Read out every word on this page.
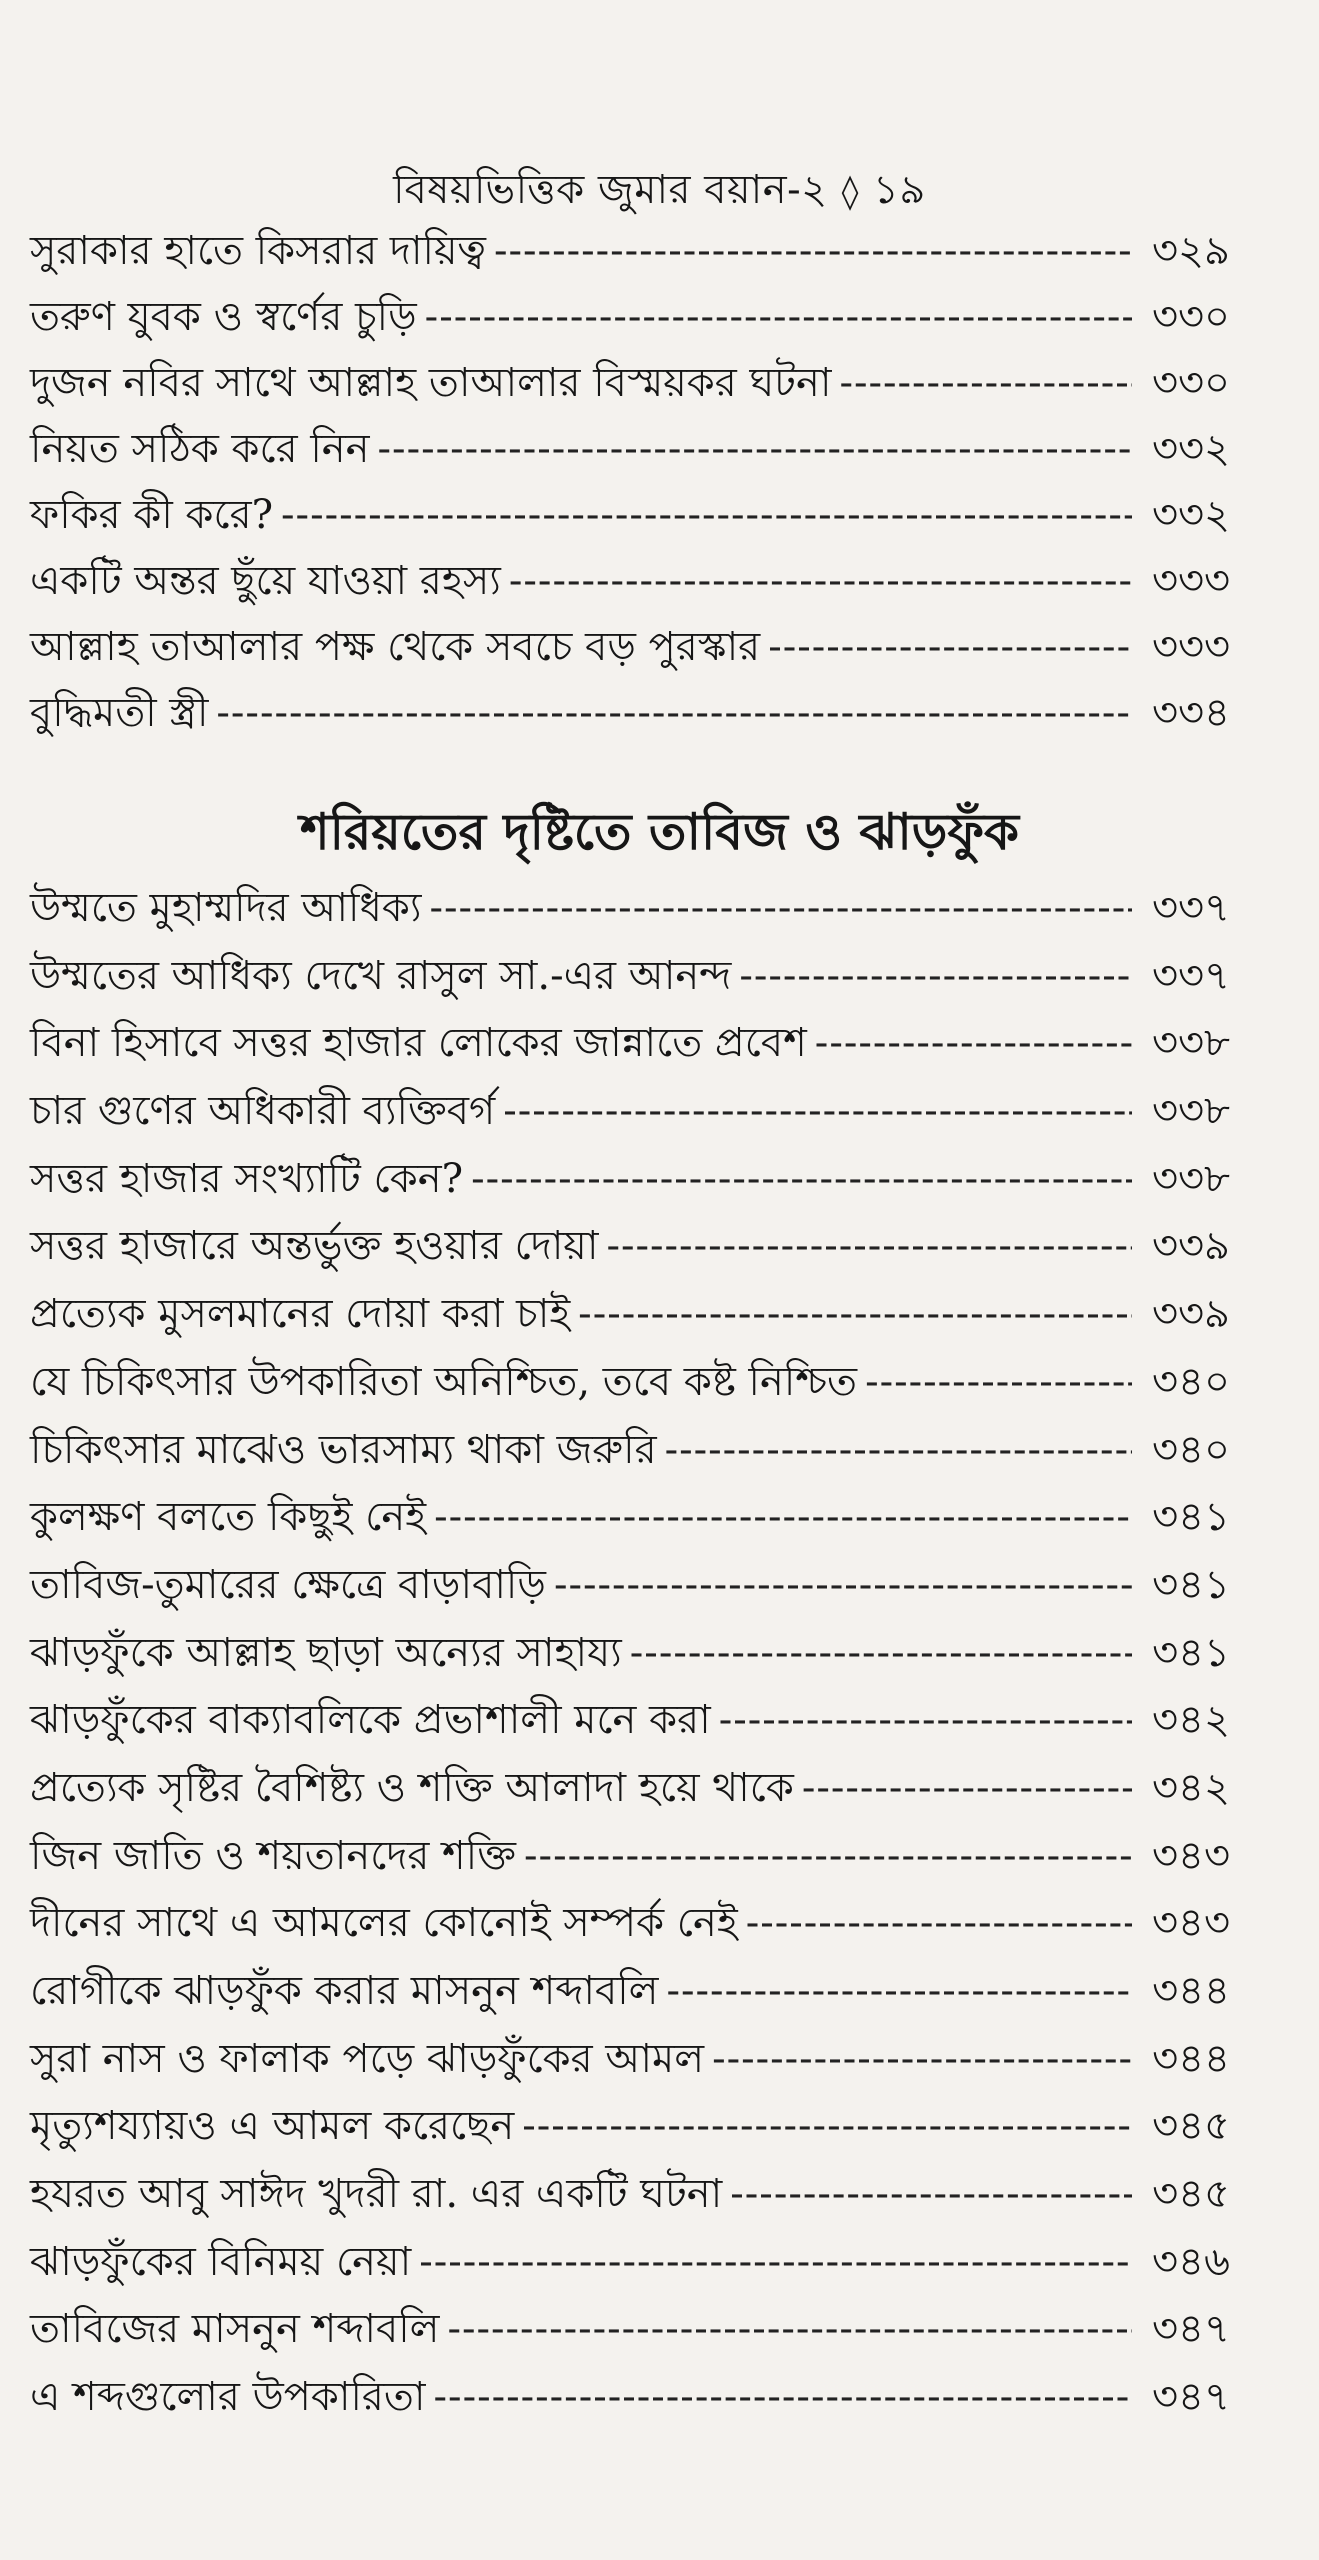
বিষয়ভিত্তিক জুমার বয়ান-২ ◊ ১৯
সুরাকার হাতে কিসরার দায়িত্ব -----	৩২৯
তরুণ যুবক ও স্বর্ণের চুড়ি -----	৩৩০
দুজন নবির সাথে আল্লাহ তাআলার বিস্ময়কর ঘটনা -----	৩৩০
নিয়ত সঠিক করে নিন -----	৩৩২
ফকির কী করে? -----	৩৩২
একটি অন্তর ছুঁয়ে যাওয়া রহস্য -----	৩৩৩
আল্লাহ তাআলার পক্ষ থেকে সবচে বড় পুরস্কার -----	৩৩৩
বুদ্ধিমতী স্ত্রী -----	৩৩৪
শরিয়তের দৃষ্টিতে তাবিজ ও ঝাড়ফুঁক
উম্মতে মুহাম্মদির আধিক্য -----	৩৩৭
উম্মতের আধিক্য দেখে রাসুল সা.-এর আনন্দ -----	৩৩৭
বিনা হিসাবে সত্তর হাজার লোকের জান্নাতে প্রবেশ -----	৩৩৮
চার গুণের অধিকারী ব্যক্তিবর্গ -----	৩৩৮
সত্তর হাজার সংখ্যাটি কেন? -----	৩৩৮
সত্তর হাজারে অন্তর্ভুক্ত হওয়ার দোয়া -----	৩৩৯
প্রত্যেক মুসলমানের দোয়া করা চাই -----	৩৩৯
যে চিকিৎসার উপকারিতা অনিশ্চিত, তবে কষ্ট নিশ্চিত -----	৩৪০
চিকিৎসার মাঝেও ভারসাম্য থাকা জরুরি -----	৩৪০
কুলক্ষণ বলতে কিছুই নেই -----	৩৪১
তাবিজ-তুমারের ক্ষেত্রে বাড়াবাড়ি -----	৩৪১
ঝাড়ফুঁকে আল্লাহ ছাড়া অন্যের সাহায্য -----	৩৪১
ঝাড়ফুঁকের বাক্যাবলিকে প্রভাশালী মনে করা -----	৩৪২
প্রত্যেক সৃষ্টির বৈশিষ্ট্য ও শক্তি আলাদা হয়ে থাকে -----	৩৪২
জিন জাতি ও শয়তানদের শক্তি -----	৩৪৩
দীনের সাথে এ আমলের কোনোই সম্পর্ক নেই -----	৩৪৩
রোগীকে ঝাড়ফুঁক করার মাসনুন শব্দাবলি -----	৩৪৪
সুরা নাস ও ফালাক পড়ে ঝাড়ফুঁকের আমল -----	৩৪৪
মৃত্যুশয্যায়ও এ আমল করেছেন -----	৩৪৫
হযরত আবু সাঈদ খুদরী রা. এর একটি ঘটনা -----	৩৪৫
ঝাড়ফুঁকের বিনিময় নেয়া -----	৩৪৬
তাবিজের মাসনুন শব্দাবলি -----	৩৪৭
এ শব্দগুলোর উপকারিতা -----	৩৪৭
